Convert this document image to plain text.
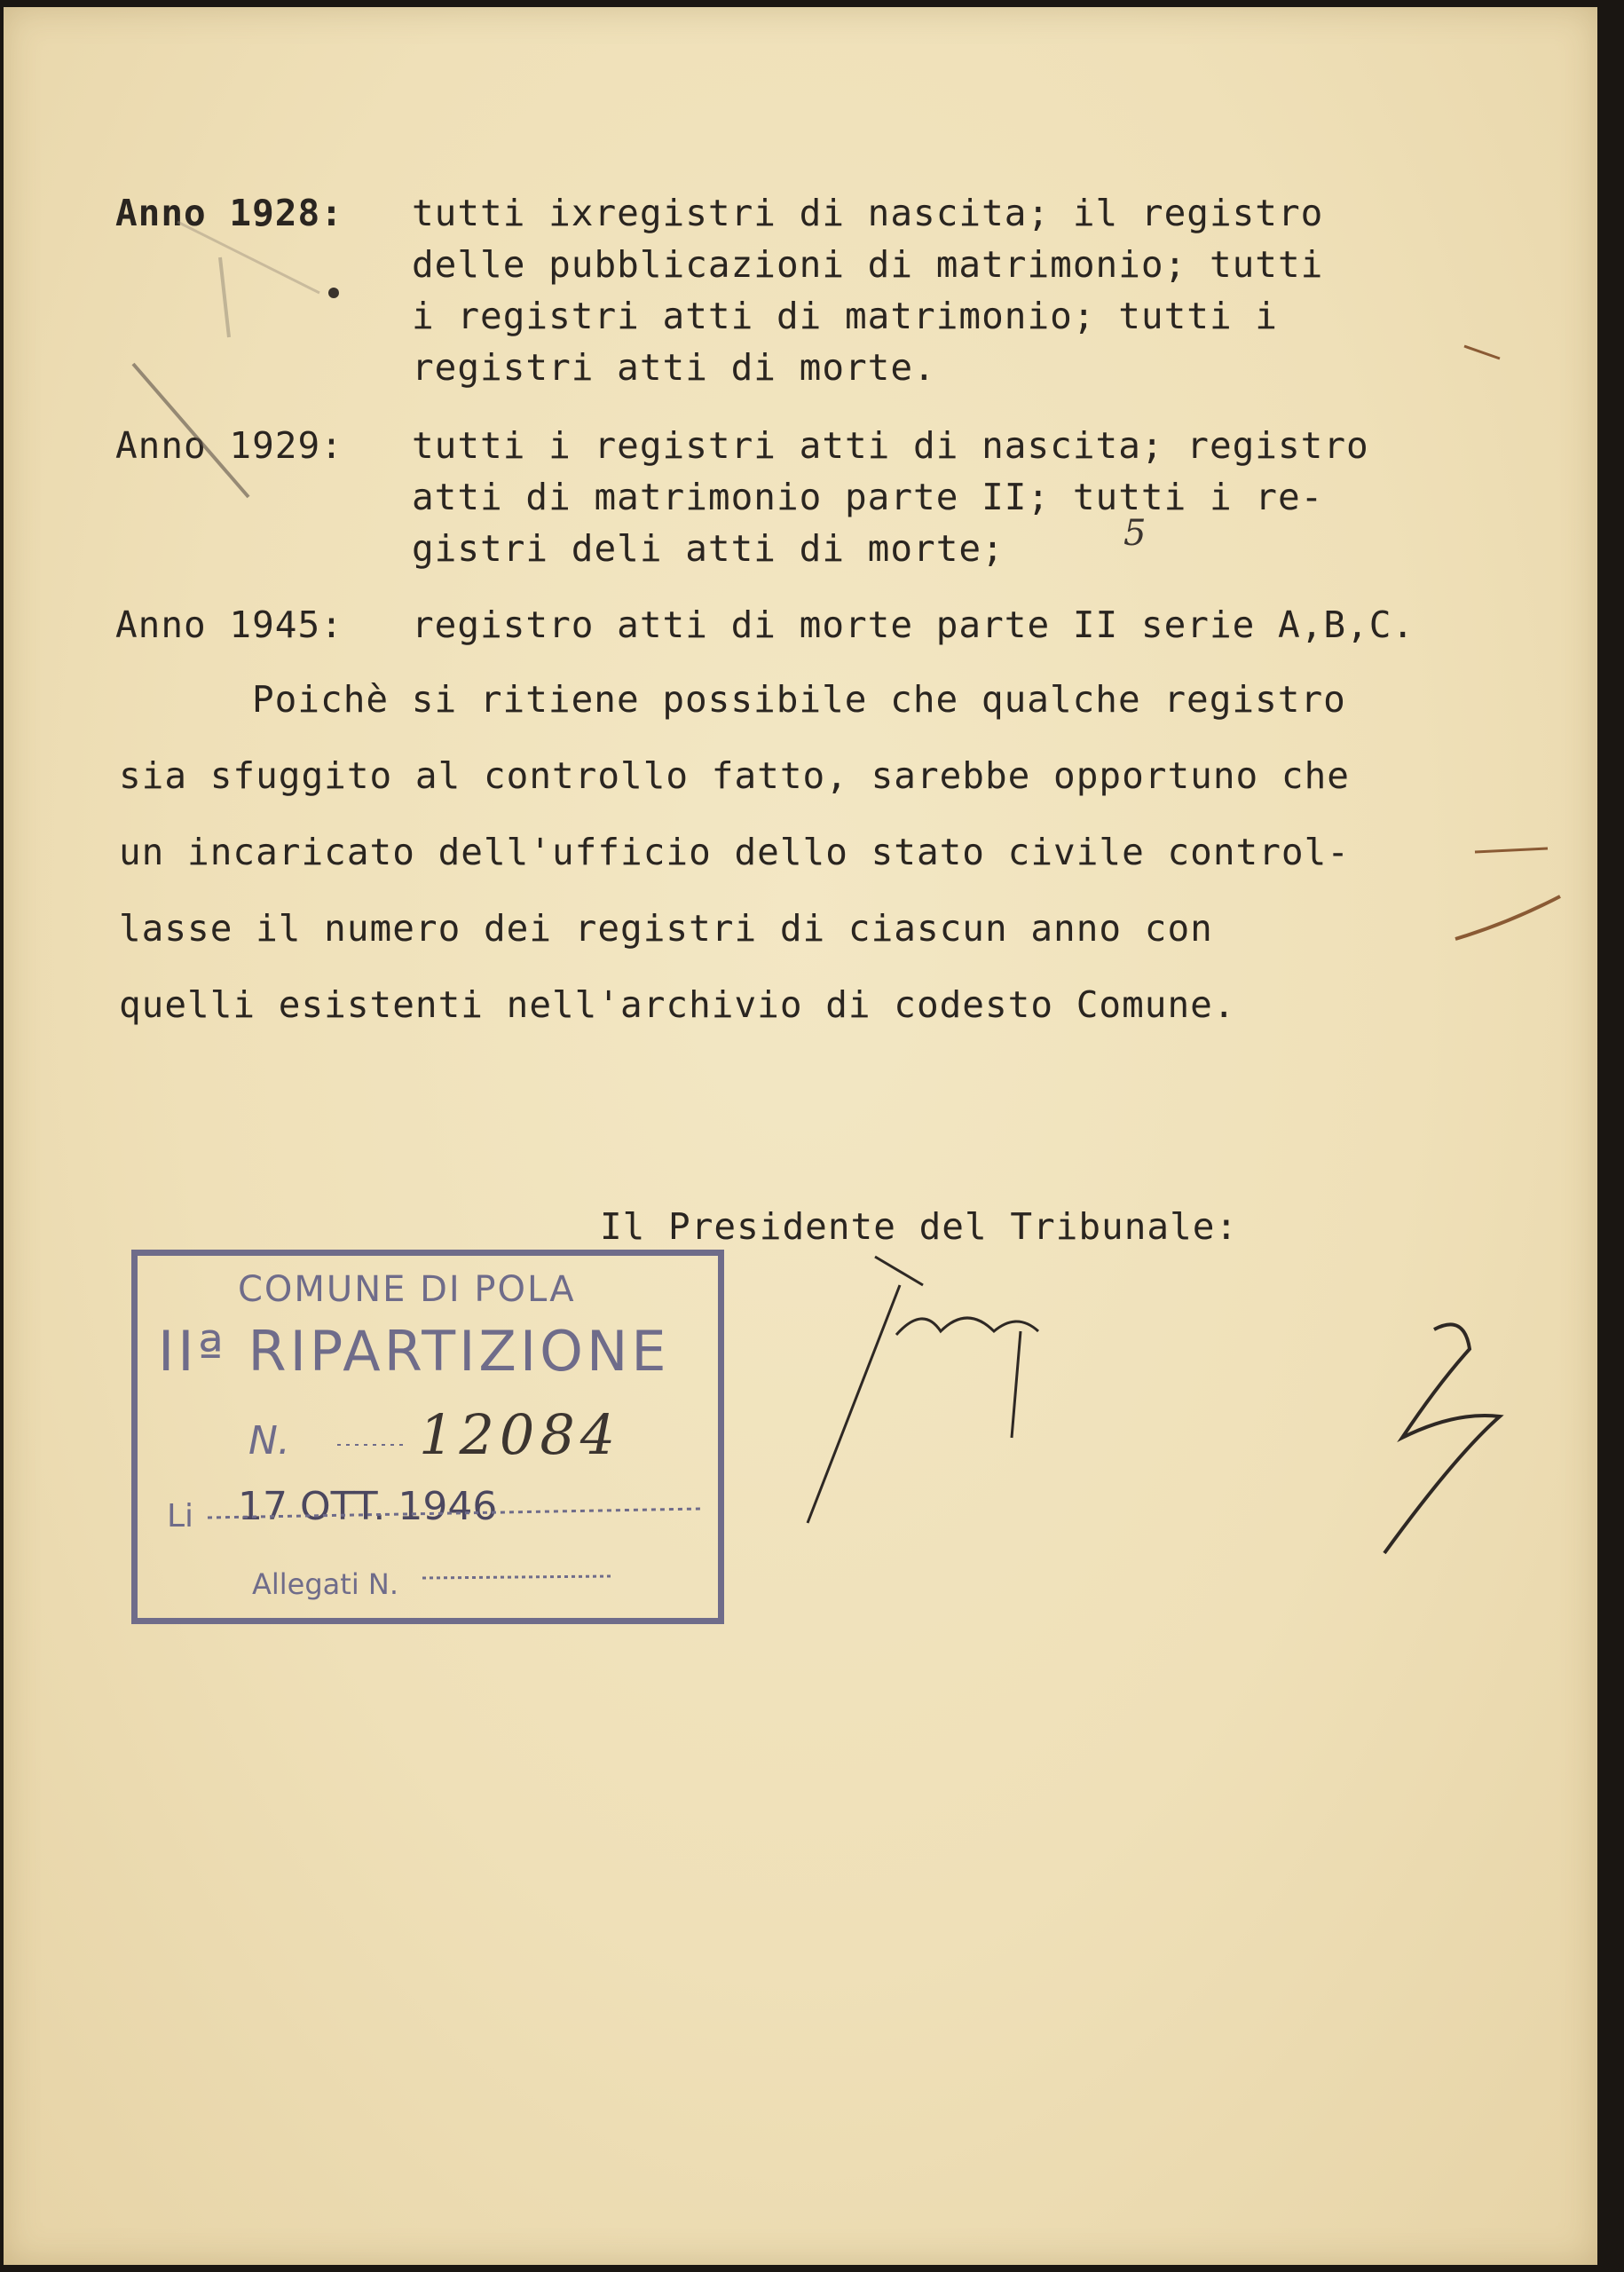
Anno 1928: tutti ixregistri di nascita; il registro
delle pubblicazioni di matrimonio; tutti
i registri atti di matrimonio; tutti i
registri atti di morte.
Anno 1929: tutti i registri atti di nascita; registro
atti di matrimonio parte II; tutti i re-
gistri deli atti di morte;
Anno 1945: registro atti di morte parte II serie A,B,C.
Poichè si ritiene possibile che qualche registro
sia sfuggito al controllo fatto, sarebbe opportuno che
un incaricato dell'ufficio dello stato civile control-
lasse il numero dei registri di ciascun anno con
quelli esistenti nell'archivio di codesto Comune.
Il Presidente del Tribunale:
5
COMUNE DI POLA
IIª RIPARTIZIONE
N. 12084
Li 17 OTT. 1946
Allegati N.
